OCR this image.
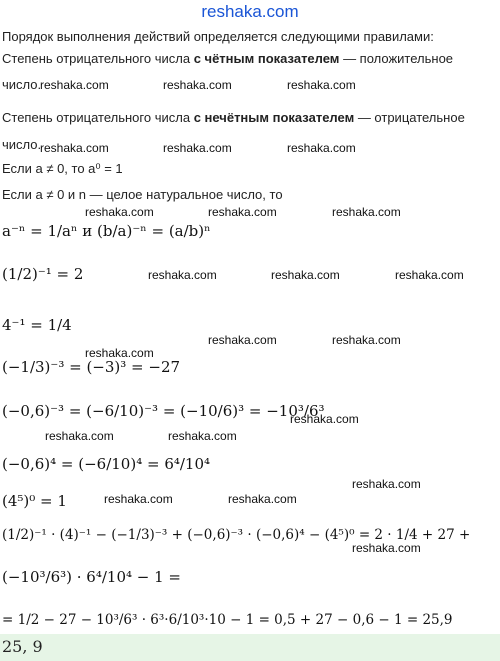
reshaka.com
Порядок выполнения действий определяется следующими правилами:
Степень отрицательного числа с чётным показателем — положительное
число.
Степень отрицательного числа с нечётным показателем — отрицательное
число.
Если a ≠ 0, то a⁰ = 1
Если a ≠ 0 и n — целое натуральное число, то
a⁻ⁿ = 1/aⁿ и (b/a)⁻ⁿ = (a/b)ⁿ
(1/2)⁻¹ = 2
4⁻¹ = 1/4
(−1/3)⁻³ = (−3)³ = −27
(−0,6)⁻³ = (−6/10)⁻³ = (−10/6)³ = −10³/6³
(−0,6)⁴ = (−6/10)⁴ = 6⁴/10⁴
(4⁵)⁰ = 1
(1/2)⁻¹ · (4)⁻¹ − (−1/3)⁻³ + (−0,6)⁻³ · (−0,6)⁴ − (4⁵)⁰ = 2 · 1/4 + 27 +
(−10³/6³) · 6⁴/10⁴ − 1 =
= 1/2 − 27 − 10³/6³ · 6³·6/10³·10 − 1 = 0,5 + 27 − 0,6 − 1 = 25,9
reshaka.com	reshaka.com	reshaka.com
reshaka.com	reshaka.com	reshaka.com
reshaka.com	reshaka.com	reshaka.com
reshaka.com	reshaka.com	reshaka.com
reshaka.com	reshaka.com
reshaka.com
reshaka.com
reshaka.com	reshaka.com
reshaka.com
reshaka.com	reshaka.com
reshaka.com
25, 9
